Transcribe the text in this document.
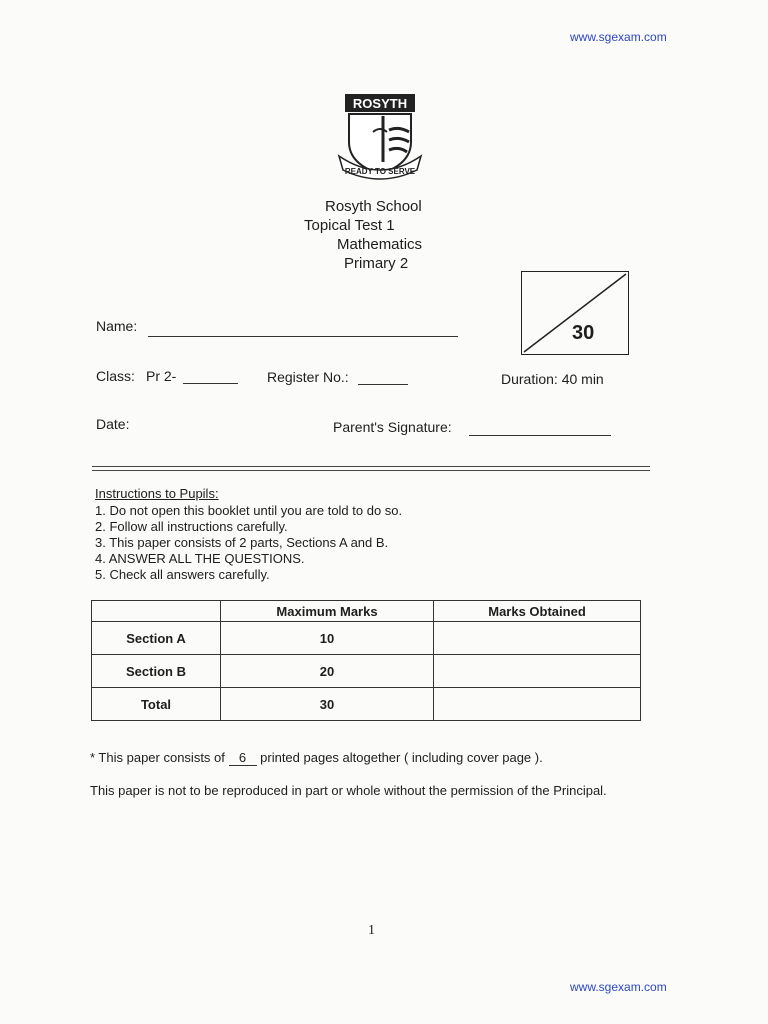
www.sgexam.com
ROSYTH
READY TO SERVE
Rosyth School
Topical Test 1
Mathematics
Primary 2
30
Name:
Class: Pr 2-	Register No.:	Duration: 40 min
Date:	Parent's Signature:
Instructions to Pupils:
1. Do not open this booklet until you are told to do so.
2. Follow all instructions carefully.
3. This paper consists of 2 parts, Sections A and B.
4. ANSWER ALL THE QUESTIONS.
5. Check all answers carefully.
	Maximum Marks	Marks Obtained
Section A	10	
Section B	20	
Total	30	
* This paper consists of 6 printed pages altogether ( including cover page ).
This paper is not to be reproduced in part or whole without the permission of the Principal.
1
www.sgexam.com
